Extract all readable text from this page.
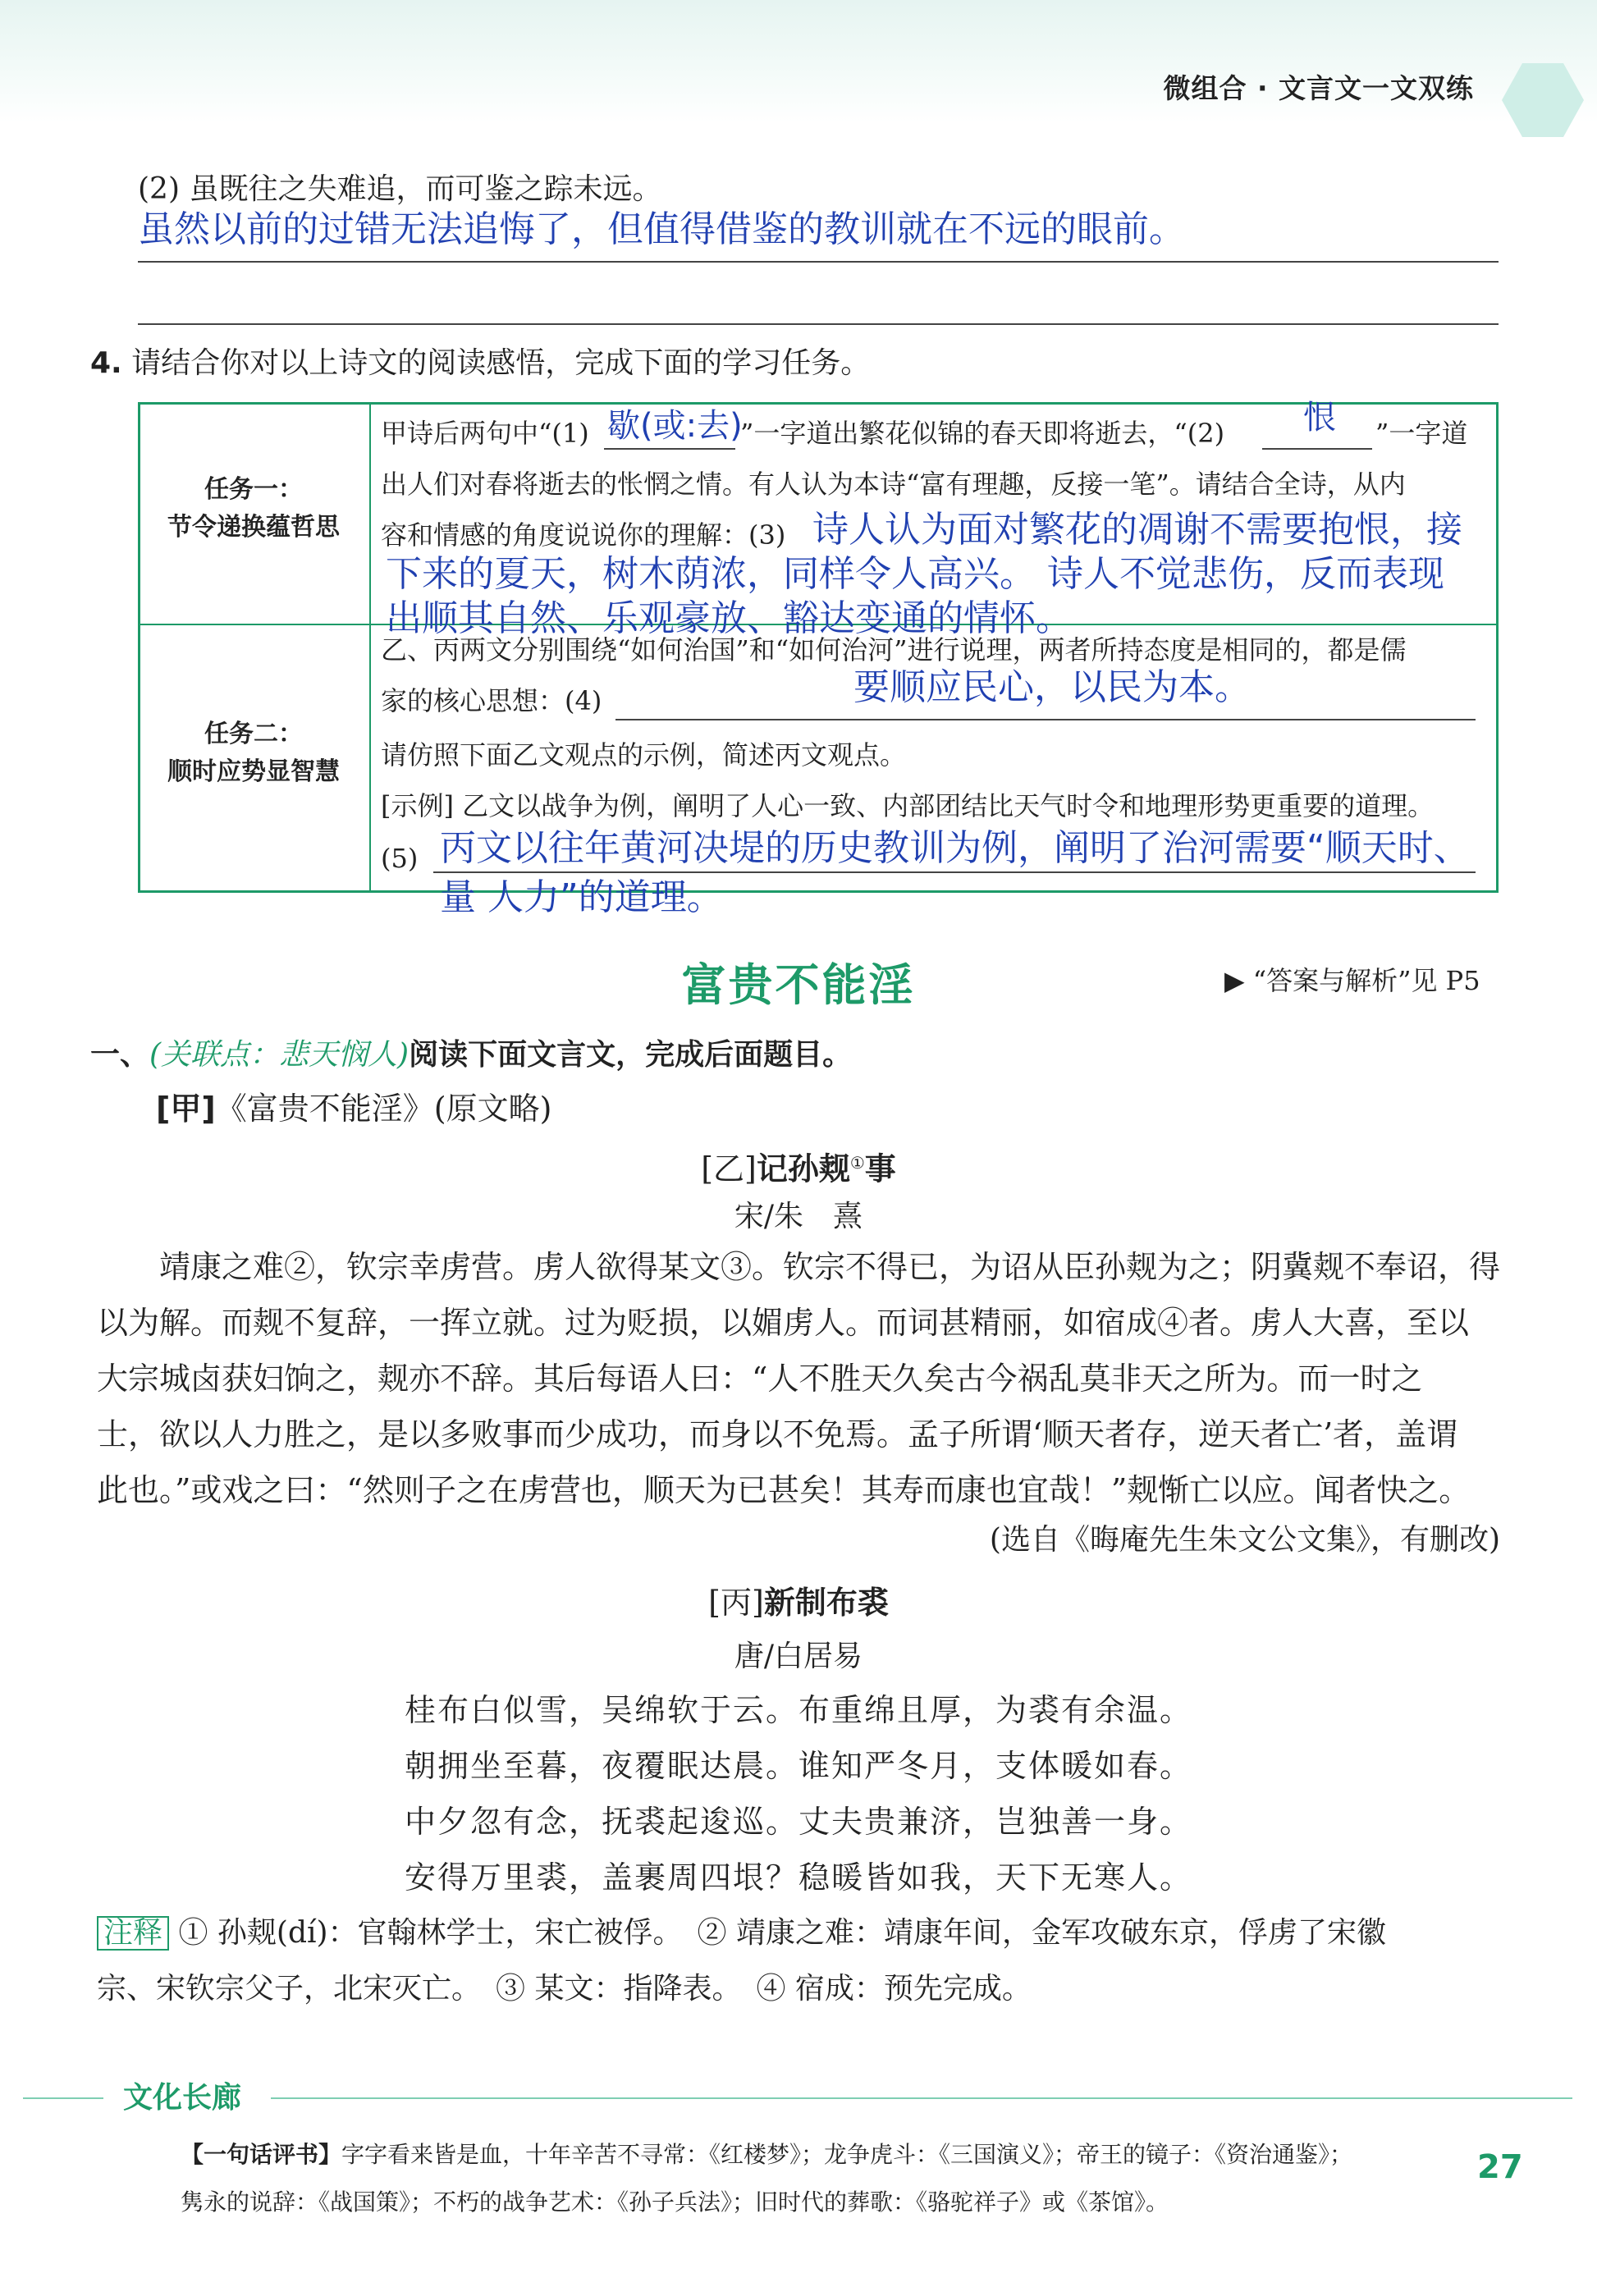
微组合 · 文言文一文双练
(2) 虽既往之失难追，而可鉴之踪未远。
虽然以前的过错无法追悔了，但值得借鉴的教训就在不远的眼前。
4. 请结合你对以上诗文的阅读感悟，完成下面的学习任务。
任务一：
节令递换蕴哲思
任务二：
顺时应势显智慧
甲诗后两句中“(1) 歇(或:去)
”一字道出繁花似锦的春天即将逝去，“(2) 恨 ”一字道
出人们对春将逝去的怅惘之情。有人认为本诗“富有理趣，反接一笔”。请结合全诗，从内
容和情感的角度说说你的理解：(3) 诗人认为面对繁花的凋谢不需要抱恨，接
下来的夏天，树木荫浓，同样令人高兴。 诗人不觉悲伤，反而表现
出顺其自然、乐观豪放、豁达变通的情怀。
乙、丙两文分别围绕“如何治国”和“如何治河”进行说理，两者所持态度是相同的，都是儒
家的核心思想：(4)	要顺应民心，以民为本。
请仿照下面乙文观点的示例，简述丙文观点。
[示例] 乙文以战争为例，阐明了人心一致、内部团结比天气时令和地理形势更重要的道理。
(5) 丙文以往年黄河决堤的历史教训为例，阐明了治河需要“顺天时、
量 人力”的道理。
富贵不能淫	▶ “答案与解析”见 P5
一、(关联点：悲天悯人)阅读下面文言文，完成后面题目。
[甲]《富贵不能淫》(原文略)
[乙]记孙觌①事
宋/朱　熹
　　靖康之难②，钦宗幸虏营。虏人欲得某文③。钦宗不得已，为诏从臣孙觌为之；阴冀觌不奉诏，得
以为解。而觌不复辞，一挥立就。过为贬损，以媚虏人。而词甚精丽，如宿成④者。虏人大喜，至以
大宗城卤获妇饷之，觌亦不辞。其后每语人曰：“人不胜天久矣古今祸乱莫非天之所为。而一时之
士，欲以人力胜之，是以多败事而少成功，而身以不免焉。孟子所谓‘顺天者存，逆天者亡’者，盖谓
此也。”或戏之曰：“然则子之在虏营也，顺天为已甚矣！其寿而康也宜哉！”觌惭亡以应。闻者快之。
(选自《晦庵先生朱文公文集》，有删改)
[丙]新制布裘
唐/白居易
桂布白似雪，吴绵软于云。布重绵且厚，为裘有余温。
朝拥坐至暮，夜覆眠达晨。谁知严冬月，支体暖如春。
中夕忽有念，抚裘起逡巡。丈夫贵兼济，岂独善一身。
安得万里裘，盖裹周四垠？稳暖皆如我，天下无寒人。
注释 ① 孙觌(dí)：官翰林学士，宋亡被俘。　② 靖康之难：靖康年间，金军攻破东京，俘虏了宋徽
宗、宋钦宗父子，北宋灭亡。　③ 某文：指降表。　④ 宿成：预先完成。
文化长廊
【一句话评书】字字看来皆是血，十年辛苦不寻常：《红楼梦》；龙争虎斗：《三国演义》；帝王的镜子：《资治通鉴》；
隽永的说辞：《战国策》；不朽的战争艺术：《孙子兵法》；旧时代的葬歌：《骆驼祥子》或《茶馆》。
27
